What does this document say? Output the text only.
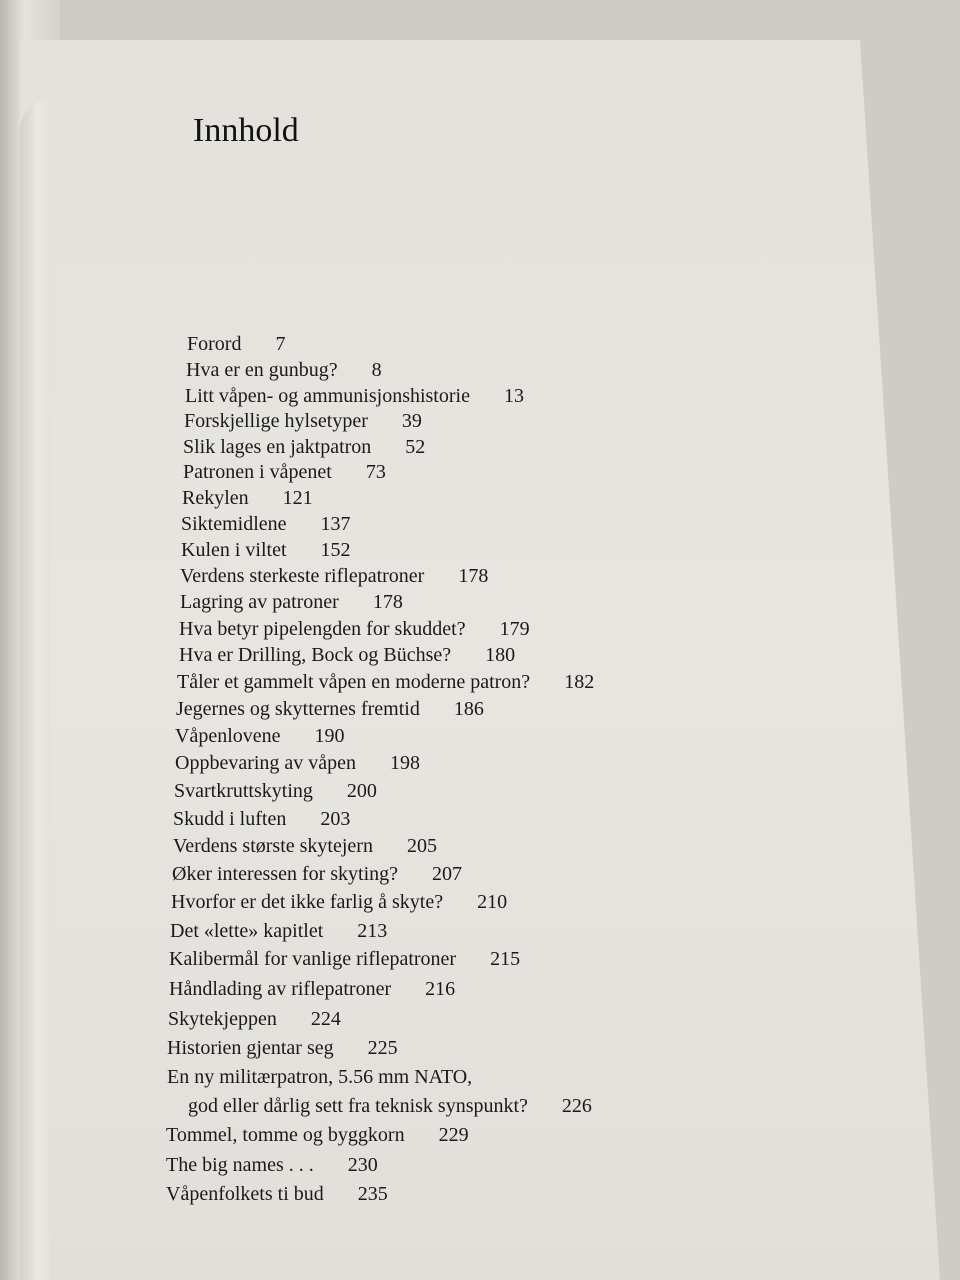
Innhold
Forord 7
Hva er en gunbug? 8
Litt våpen- og ammunisjonshistorie 13
Forskjellige hylsetyper 39
Slik lages en jaktpatron 52
Patronen i våpenet 73
Rekylen 121
Siktemidlene 137
Kulen i viltet 152
Verdens sterkeste riflepatroner 178
Lagring av patroner 178
Hva betyr pipelengden for skuddet? 179
Hva er Drilling, Bock og Büchse? 180
Tåler et gammelt våpen en moderne patron? 182
Jegernes og skytternes fremtid 186
Våpenlovene 190
Oppbevaring av våpen 198
Svartkruttskyting 200
Skudd i luften 203
Verdens største skytejern 205
Øker interessen for skyting? 207
Hvorfor er det ikke farlig å skyte? 210
Det «lette» kapitlet 213
Kalibermål for vanlige riflepatroner 215
Håndlading av riflepatroner 216
Skytekjeppen 224
Historien gjentar seg 225
En ny militærpatron, 5.56 mm NATO,
god eller dårlig sett fra teknisk synspunkt? 226
Tommel, tomme og byggkorn 229
The big names . . . 230
Våpenfolkets ti bud 235
